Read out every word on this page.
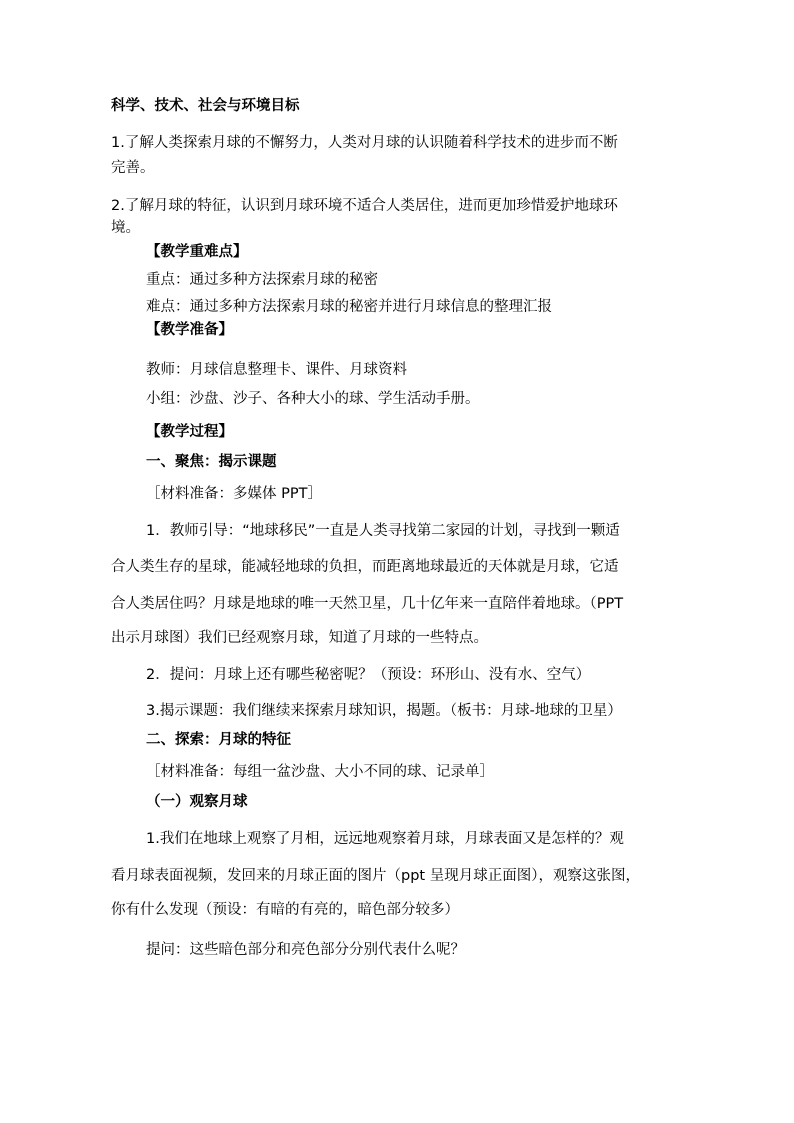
科学、技术、社会与环境目标
1.了解人类探索月球的不懈努力，人类对月球的认识随着科学技术的进步而不断
完善。
2.了解月球的特征，认识到月球环境不适合人类居住，进而更加珍惜爱护地球环
境。
【教学重难点】
重点：通过多种方法探索月球的秘密
难点：通过多种方法探索月球的秘密并进行月球信息的整理汇报
【教学准备】
教师：月球信息整理卡、课件、月球资料
小组：沙盘、沙子、各种大小的球、学生活动手册。
【教学过程】
一、聚焦：揭示课题
［材料准备：多媒体 PPT］
1．教师引导：“地球移民”一直是人类寻找第二家园的计划，寻找到一颗适
合人类生存的星球，能减轻地球的负担，而距离地球最近的天体就是月球，它适
合人类居住吗？月球是地球的唯一天然卫星，几十亿年来一直陪伴着地球。（PPT
出示月球图）我们已经观察月球，知道了月球的一些特点。
2．提问：月球上还有哪些秘密呢？（预设：环形山、没有水、空气）
3.揭示课题：我们继续来探索月球知识，揭题。（板书：月球-地球的卫星）
二、探索：月球的特征
［材料准备：每组一盆沙盘、大小不同的球、记录单］
（一）观察月球
1.我们在地球上观察了月相，远远地观察着月球，月球表面又是怎样的？观
看月球表面视频，发回来的月球正面的图片（ppt 呈现月球正面图），观察这张图，
你有什么发现（预设：有暗的有亮的，暗色部分较多）
提问：这些暗色部分和亮色部分分别代表什么呢？
